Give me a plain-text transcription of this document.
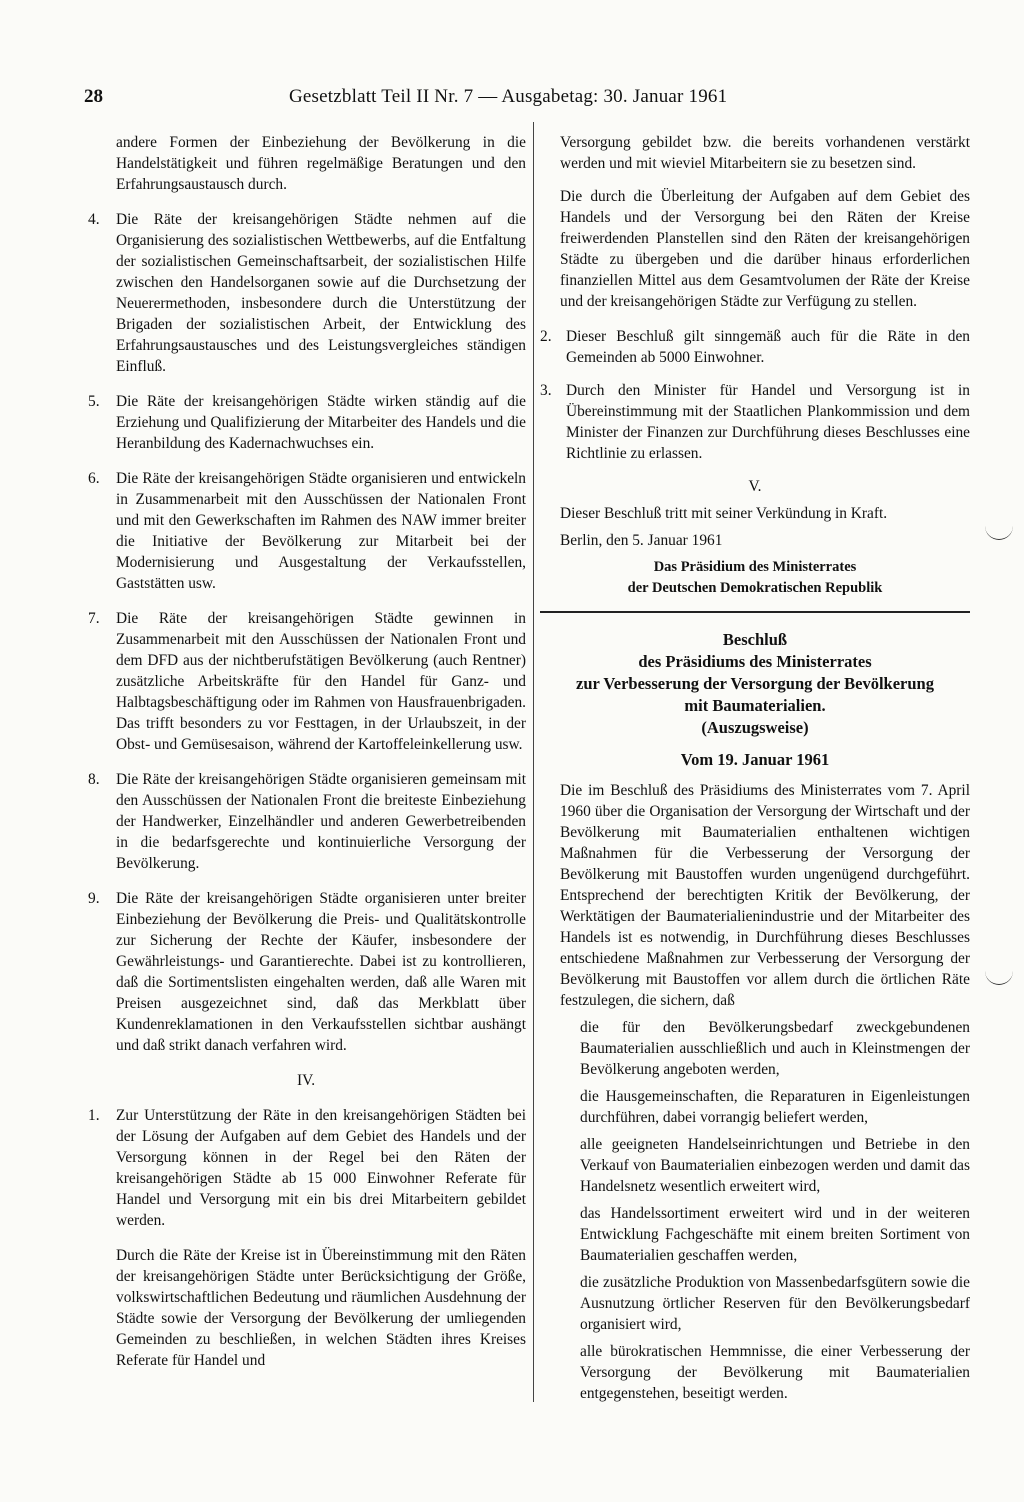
28	Gesetzblatt Teil II Nr. 7 — Ausgabetag: 30. Januar 1961

andere Formen der Einbeziehung der Bevölkerung in die Handelstätigkeit und führen regelmäßige Beratungen und den Erfahrungsaustausch durch.

4. Die Räte der kreisangehörigen Städte nehmen auf die Organisierung des sozialistischen Wettbewerbs, auf die Entfaltung der sozialistischen Gemeinschaftsarbeit, der sozialistischen Hilfe zwischen den Handelsorganen sowie auf die Durchsetzung der Neuerermethoden, insbesondere durch die Unterstützung der Brigaden der sozialistischen Arbeit, der Entwicklung des Erfahrungsaustausches und des Leistungsvergleiches ständigen Einfluß.
5. Die Räte der kreisangehörigen Städte wirken ständig auf die Erziehung und Qualifizierung der Mitarbeiter des Handels und die Heranbildung des Kadernachwuchses ein.
6. Die Räte der kreisangehörigen Städte organisieren und entwickeln in Zusammenarbeit mit den Ausschüssen der Nationalen Front und mit den Gewerkschaften im Rahmen des NAW immer breiter die Initiative der Bevölkerung zur Mitarbeit bei der Modernisierung und Ausgestaltung der Verkaufsstellen, Gaststätten usw.
7. Die Räte der kreisangehörigen Städte gewinnen in Zusammenarbeit mit den Ausschüssen der Nationalen Front und dem DFD aus der nichtberufstätigen Bevölkerung (auch Rentner) zusätzliche Arbeitskräfte für den Handel für Ganz- und Halbtagsbeschäftigung oder im Rahmen von Hausfrauenbrigaden. Das trifft besonders zu vor Festtagen, in der Urlaubszeit, in der Obst- und Gemüsesaison, während der Kartoffeleinkellerung usw.
8. Die Räte der kreisangehörigen Städte organisieren gemeinsam mit den Ausschüssen der Nationalen Front die breiteste Einbeziehung der Handwerker, Einzelhändler und anderen Gewerbetreibenden in die bedarfsgerechte und kontinuierliche Versorgung der Bevölkerung.
9. Die Räte der kreisangehörigen Städte organisieren unter breiter Einbeziehung der Bevölkerung die Preis- und Qualitätskontrolle zur Sicherung der Rechte der Käufer, insbesondere der Gewährleistungs- und Garantierechte. Dabei ist zu kontrollieren, daß die Sortimentslisten eingehalten werden, daß alle Waren mit Preisen ausgezeichnet sind, daß das Merkblatt über Kundenreklamationen in den Verkaufsstellen sichtbar aushängt und daß strikt danach verfahren wird.
IV.
1. Zur Unterstützung der Räte in den kreisangehörigen Städten bei der Lösung der Aufgaben auf dem Gebiet des Handels und der Versorgung können in der Regel bei den Räten der kreisangehörigen Städte ab 15 000 Einwohner Referate für Handel und Versorgung mit ein bis drei Mitarbeitern gebildet werden.

Durch die Räte der Kreise ist in Übereinstimmung mit den Räten der kreisangehörigen Städte unter Berücksichtigung der Größe, volkswirtschaftlichen Bedeutung und räumlichen Ausdehnung der Städte sowie der Versorgung der Bevölkerung der umliegenden Gemeinden zu beschließen, in welchen Städten ihres Kreises Referate für Handel und

Versorgung gebildet bzw. die bereits vorhandenen verstärkt werden und mit wieviel Mitarbeitern sie zu besetzen sind.

Die durch die Überleitung der Aufgaben auf dem Gebiet des Handels und der Versorgung bei den Räten der Kreise freiwerdenden Planstellen sind den Räten der kreisangehörigen Städte zu übergeben und die darüber hinaus erforderlichen finanziellen Mittel aus dem Gesamtvolumen der Räte der Kreise und der kreisangehörigen Städte zur Verfügung zu stellen.

2. Dieser Beschluß gilt sinngemäß auch für die Räte in den Gemeinden ab 5000 Einwohner.
3. Durch den Minister für Handel und Versorgung ist in Übereinstimmung mit der Staatlichen Plankommission und dem Minister der Finanzen zur Durchführung dieses Beschlusses eine Richtlinie zu erlassen.
V.

Dieser Beschluß tritt mit seiner Verkündung in Kraft.

Berlin, den 5. Januar 1961

Das Präsidium des Ministerrates
der Deutschen Demokratischen Republik
Beschluß
des Präsidiums des Ministerrates
zur Verbesserung der Versorgung der Bevölkerung
mit Baumaterialien.
(Auszugsweise)
Vom 19. Januar 1961

Die im Beschluß des Präsidiums des Ministerrates vom 7. April 1960 über die Organisation der Versorgung der Wirtschaft und der Bevölkerung mit Baumaterialien enthaltenen wichtigen Maßnahmen für die Verbesserung der Versorgung der Bevölkerung mit Baustoffen wurden ungenügend durchgeführt. Entsprechend der berechtigten Kritik der Bevölkerung, der Werktätigen der Baumaterialienindustrie und der Mitarbeiter des Handels ist es notwendig, in Durchführung dieses Beschlusses entschiedene Maßnahmen zur Verbesserung der Versorgung der Bevölkerung mit Baustoffen vor allem durch die örtlichen Räte festzulegen, die sichern, daß

die für den Bevölkerungsbedarf zweckgebundenen Baumaterialien ausschließlich und auch in Kleinstmengen der Bevölkerung angeboten werden,
die Hausgemeinschaften, die Reparaturen in Eigenleistungen durchführen, dabei vorrangig beliefert werden,
alle geeigneten Handelseinrichtungen und Betriebe in den Verkauf von Baumaterialien einbezogen werden und damit das Handelsnetz wesentlich erweitert wird,
das Handelssortiment erweitert wird und in der weiteren Entwicklung Fachgeschäfte mit einem breiten Sortiment von Baumaterialien geschaffen werden,
die zusätzliche Produktion von Massenbedarfsgütern sowie die Ausnutzung örtlicher Reserven für den Bevölkerungsbedarf organisiert wird,
alle bürokratischen Hemmnisse, die einer Verbesserung der Versorgung der Bevölkerung mit Baumaterialien entgegenstehen, beseitigt werden.
